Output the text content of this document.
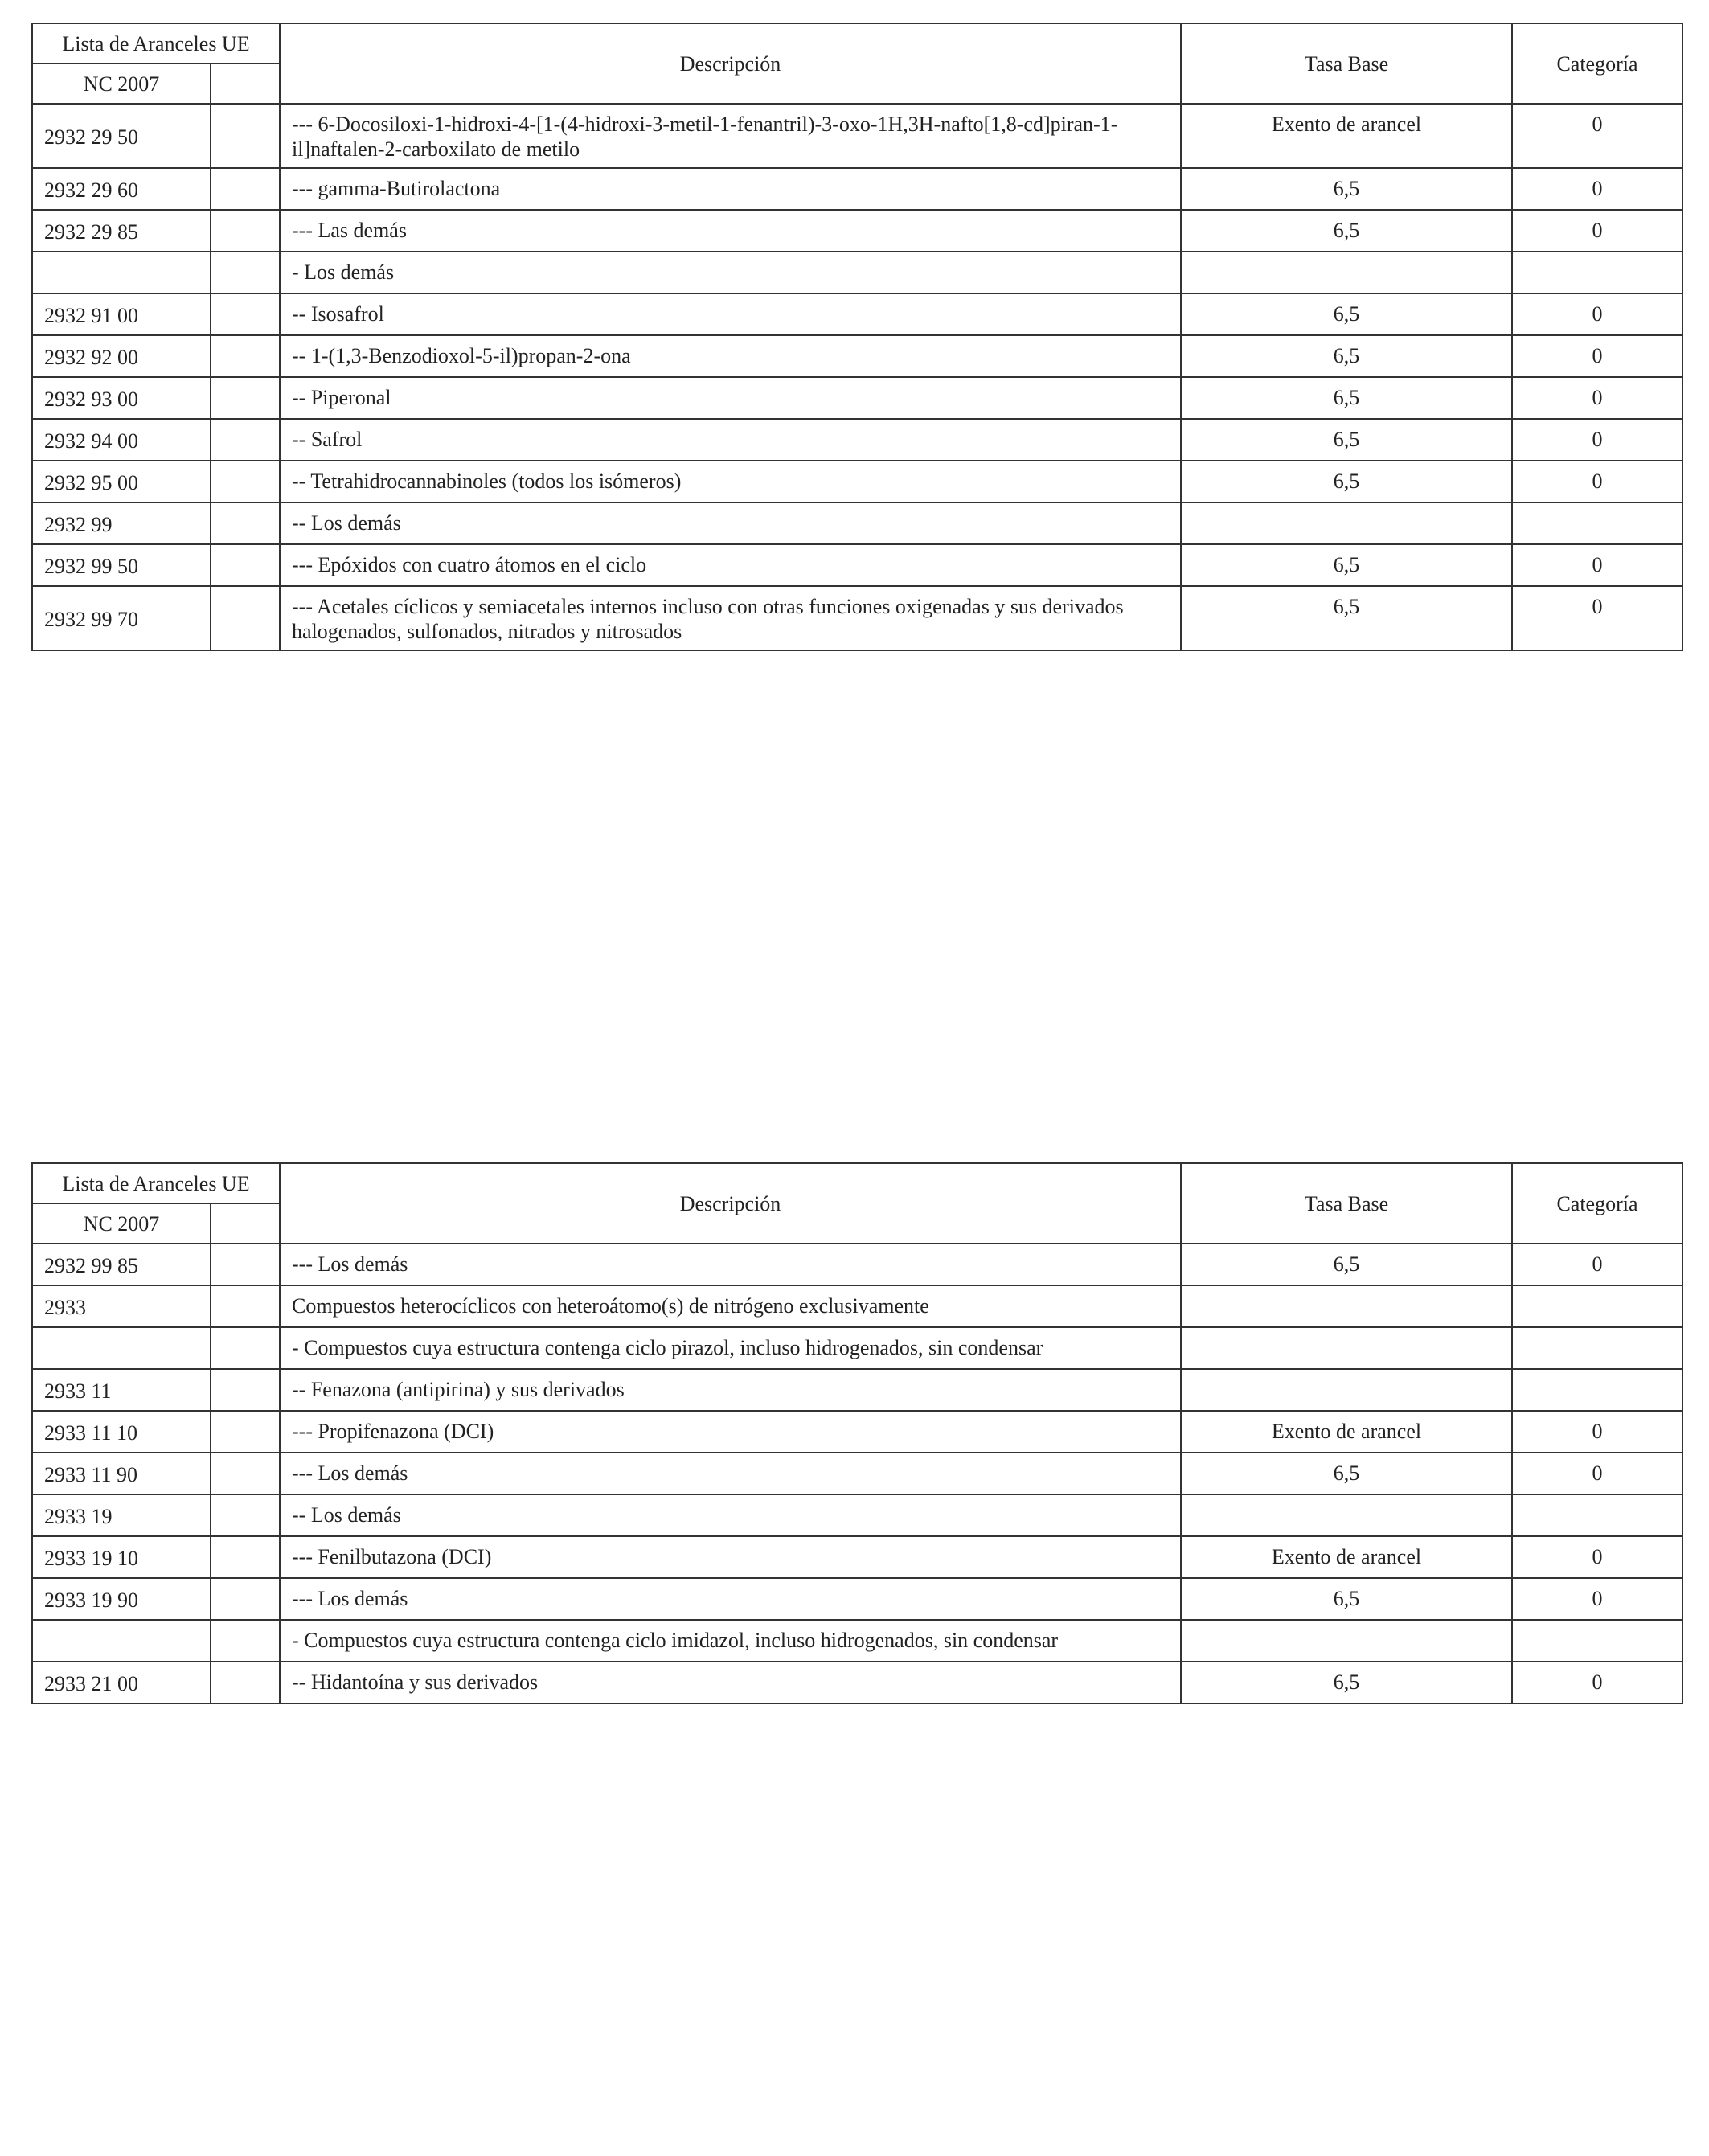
Lista de Aranceles UE		Descripción	Tasa Base	Categoría
NC 2007				
2932 29 50		--- 6-Docosiloxi-1-hidroxi-4-[1-(4-hidroxi-3-metil-1-fenantril)-3-oxo-1H,3H-nafto[1,8-cd]piran-1-il]naftalen-2-carboxilato de metilo	Exento de arancel	0
2932 29 60		--- gamma-Butirolactona	6,5	0
2932 29 85		--- Las demás	6,5	0
		- Los demás		
2932 91 00		-- Isosafrol	6,5	0
2932 92 00		-- 1-(1,3-Benzodioxol-5-il)propan-2-ona	6,5	0
2932 93 00		-- Piperonal	6,5	0
2932 94 00		-- Safrol	6,5	0
2932 95 00		-- Tetrahidrocannabinoles (todos los isómeros)	6,5	0
2932 99		-- Los demás		
2932 99 50		--- Epóxidos con cuatro átomos en el ciclo	6,5	0
2932 99 70		--- Acetales cíclicos y semiacetales internos incluso con otras funciones oxigenadas y sus derivados halogenados, sulfonados, nitrados y nitrosados	6,5	0
Lista de Aranceles UE		Descripción	Tasa Base	Categoría
NC 2007				
2932 99 85		--- Los demás	6,5	0
2933		Compuestos heterocíclicos con heteroátomo(s) de nitrógeno exclusivamente		
		- Compuestos cuya estructura contenga ciclo pirazol, incluso hidrogenados, sin condensar		
2933 11		-- Fenazona (antipirina) y sus derivados		
2933 11 10		--- Propifenazona (DCI)	Exento de arancel	0
2933 11 90		--- Los demás	6,5	0
2933 19		-- Los demás		
2933 19 10		--- Fenilbutazona (DCI)	Exento de arancel	0
2933 19 90		--- Los demás	6,5	0
		- Compuestos cuya estructura contenga ciclo imidazol, incluso hidrogenados, sin condensar		
2933 21 00		-- Hidantoína y sus derivados	6,5	0
